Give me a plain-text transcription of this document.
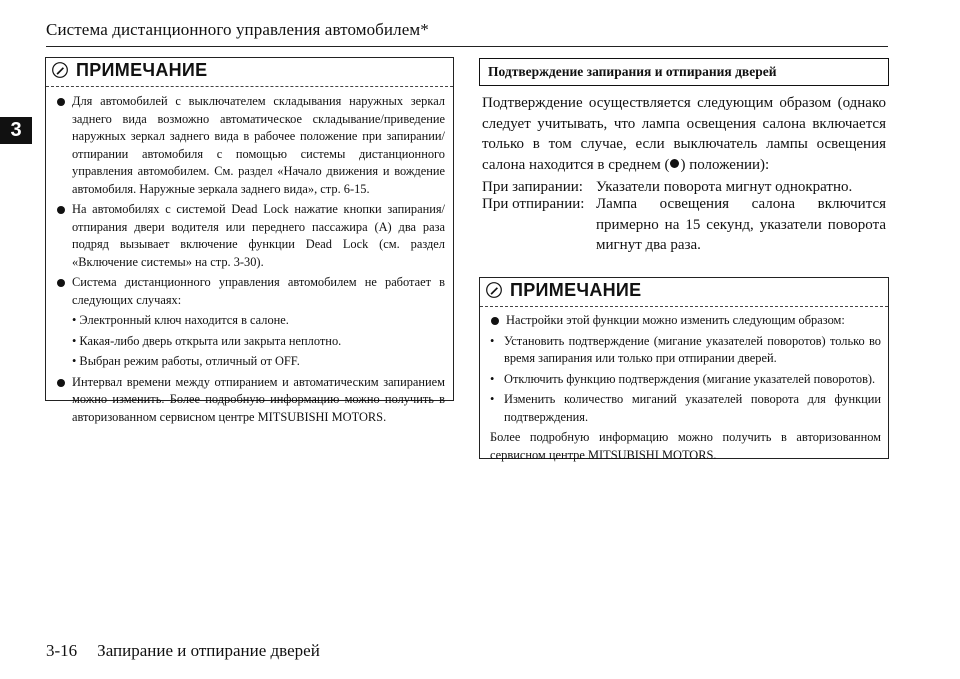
Система дистанционного управления автомобилем*
3
ПРИМЕЧАНИЕ
Для автомобилей с выключателем складывания наружных зеркал заднего вида возможно автоматическое складывание/приведение наружных зеркал заднего вида в рабочее положение при запирании/отпирании автомобиля с помощью системы дистанционного управления автомобилем. См. раздел «Начало движения и вождение автомобиля. Наружные зеркала заднего вида», стр. 6-15.
На автомобилях с системой Dead Lock нажатие кнопки запирания/отпирания двери водителя или переднего пассажира (A) два раза подряд вызывает включение функции Dead Lock (см. раздел «Включение системы» на стр. 3-30).
Система дистанционного управления автомобилем не работает в следующих случаях:
• Электронный ключ находится в салоне.
• Какая-либо дверь открыта или закрыта неплотно.
• Выбран режим работы, отличный от OFF.
Интервал времени между отпиранием и автоматическим запиранием можно изменить. Более подробную информацию можно получить в авторизованном сервисном центре MITSUBISHI MOTORS.
Подтверждение запирания и отпирания дверей
Подтверждение осуществляется следующим образом (однако следует учитывать, что лампа освещения салона включается только в том случае, если выключатель лампы освещения салона находится в среднем ( ) положении):
При запирании: Указатели поворота мигнут однократно.
При отпирании: Лампа освещения салона включится примерно на 15 секунд, указатели поворота мигнут два раза.
ПРИМЕЧАНИЕ
Настройки этой функции можно изменить следующим образом:
• Установить подтверждение (мигание указателей поворотов) только во время запирания или только при отпирании дверей.
• Отключить функцию подтверждения (мигание указателей поворотов).
• Изменить количество миганий указателей поворота для функции подтверждения.
Более подробную информацию можно получить в авторизованном сервисном центре MITSUBISHI MOTORS.
3-16 Запирание и отпирание дверей
